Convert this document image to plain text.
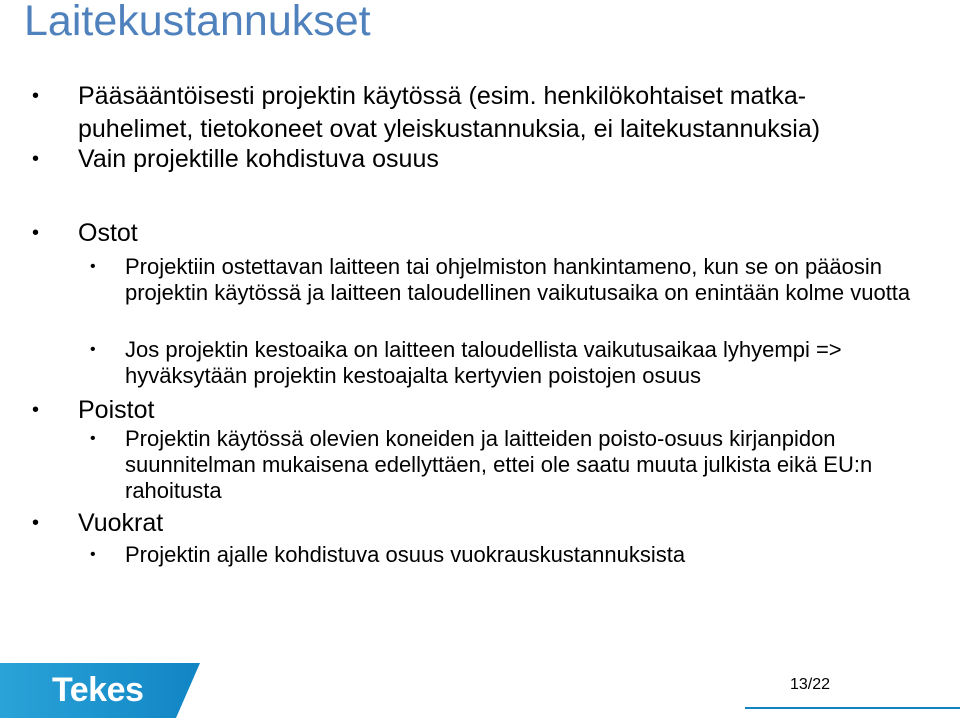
Laitekustannukset

• Pääsääntöisesti projektin käytössä (esim. henkilökohtaiset matka-puhelimet, tietokoneet ovat yleiskustannuksia, ei laitekustannuksia)

• Vain projektille kohdistuva osuus

• Ostot

• Projektiin ostettavan laitteen tai ohjelmiston hankintameno, kun se on pääosin projektin käytössä ja laitteen taloudellinen vaikutusaika on enintään kolme vuotta

• Jos projektin kestoaika on laitteen taloudellista vaikutusaikaa lyhyempi => hyväksytään projektin kestoajalta kertyvien poistojen osuus

• Poistot

• Projektin käytössä olevien koneiden ja laitteiden poisto-osuus kirjanpidon suunnitelman mukaisena edellyttäen, ettei ole saatu muuta julkista eikä EU:n rahoitusta

• Vuokrat

• Projektin ajalle kohdistuva osuus vuokrauskustannuksista

Tekes	13/22
